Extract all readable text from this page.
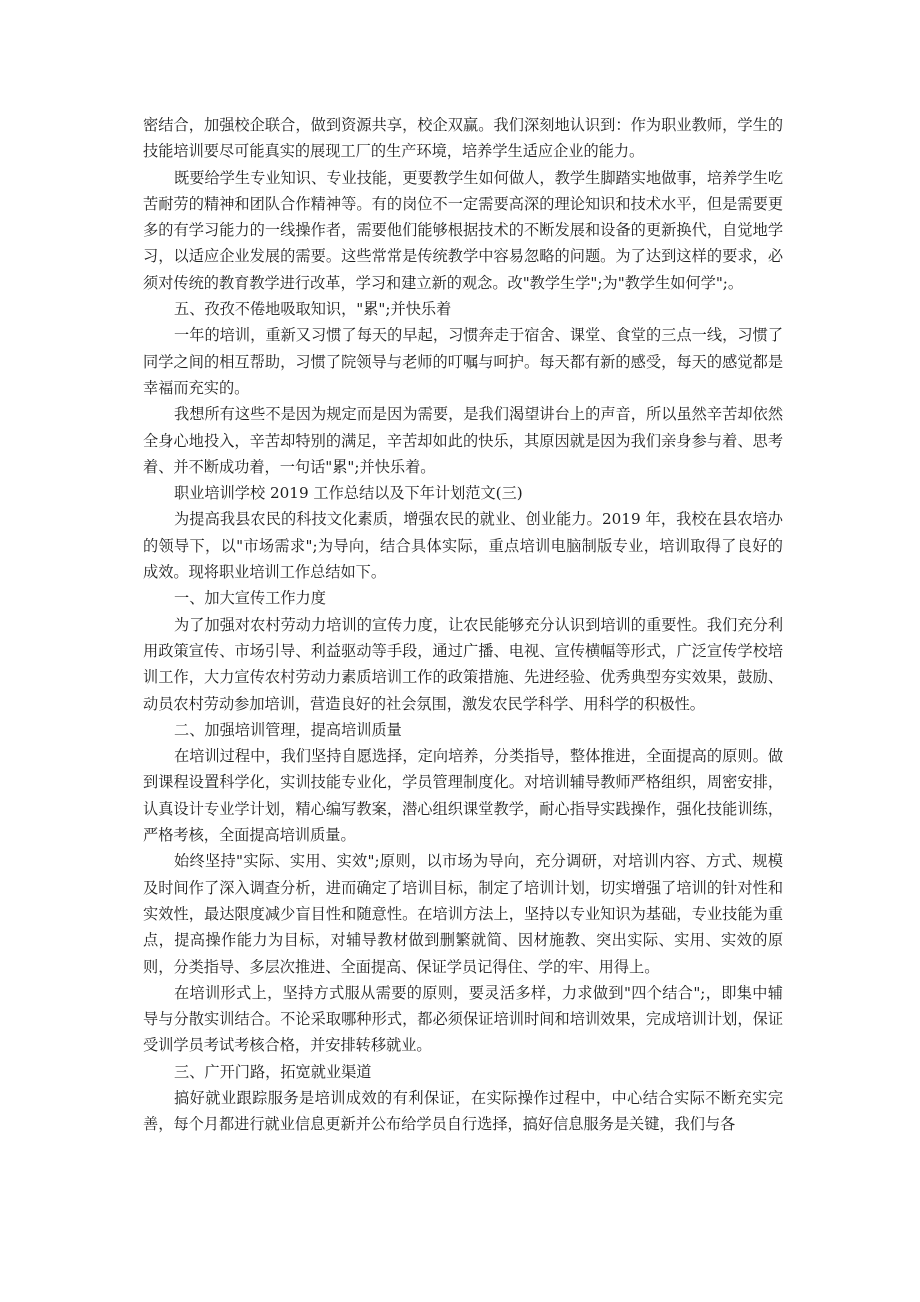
密结合，加强校企联合，做到资源共享，校企双赢。我们深刻地认识到：作为职业教师，学生的技能培训要尽可能真实的展现工厂的生产环境，培养学生适应企业的能力。

既要给学生专业知识、专业技能，更要教学生如何做人，教学生脚踏实地做事，培养学生吃苦耐劳的精神和团队合作精神等。有的岗位不一定需要高深的理论知识和技术水平，但是需要更多的有学习能力的一线操作者，需要他们能够根据技术的不断发展和设备的更新换代，自觉地学习，以适应企业发展的需要。这些常常是传统教学中容易忽略的问题。为了达到这样的要求，必须对传统的教育教学进行改革，学习和建立新的观念。改"教学生学";为"教学生如何学";。

五、孜孜不倦地吸取知识，"累";并快乐着

一年的培训，重新又习惯了每天的早起，习惯奔走于宿舍、课堂、食堂的三点一线，习惯了同学之间的相互帮助，习惯了院领导与老师的叮嘱与呵护。每天都有新的感受，每天的感觉都是幸福而充实的。

我想所有这些不是因为规定而是因为需要，是我们渴望讲台上的声音，所以虽然辛苦却依然全身心地投入，辛苦却特别的满足，辛苦却如此的快乐，其原因就是因为我们亲身参与着、思考着、并不断成功着，一句话"累";并快乐着。

职业培训学校 2019 工作总结以及下年计划范文(三)

为提高我县农民的科技文化素质，增强农民的就业、创业能力。2019 年，我校在县农培办的领导下，以"市场需求";为导向，结合具体实际，重点培训电脑制版专业，培训取得了良好的成效。现将职业培训工作总结如下。

一、加大宣传工作力度

为了加强对农村劳动力培训的宣传力度，让农民能够充分认识到培训的重要性。我们充分利用政策宣传、市场引导、利益驱动等手段，通过广播、电视、宣传横幅等形式，广泛宣传学校培训工作，大力宣传农村劳动力素质培训工作的政策措施、先进经验、优秀典型夯实效果，鼓励、动员农村劳动参加培训，营造良好的社会氛围，激发农民学科学、用科学的积极性。

二、加强培训管理，提高培训质量

在培训过程中，我们坚持自愿选择，定向培养，分类指导，整体推进，全面提高的原则。做到课程设置科学化，实训技能专业化，学员管理制度化。对培训辅导教师严格组织，周密安排，认真设计专业学计划，精心编写教案，潜心组织课堂教学，耐心指导实践操作，强化技能训练，严格考核，全面提高培训质量。

始终坚持"实际、实用、实效";原则，以市场为导向，充分调研，对培训内容、方式、规模及时间作了深入调查分析，进而确定了培训目标，制定了培训计划，切实增强了培训的针对性和实效性，最达限度减少盲目性和随意性。在培训方法上，坚持以专业知识为基础，专业技能为重点，提高操作能力为目标，对辅导教材做到删繁就简、因材施教、突出实际、实用、实效的原则，分类指导、多层次推进、全面提高、保证学员记得住、学的牢、用得上。

在培训形式上，坚持方式服从需要的原则，要灵活多样，力求做到"四个结合";，即集中辅导与分散实训结合。不论采取哪种形式，都必须保证培训时间和培训效果，完成培训计划，保证受训学员考试考核合格，并安排转移就业。

三、广开门路，拓宽就业渠道

搞好就业跟踪服务是培训成效的有利保证，在实际操作过程中，中心结合实际不断充实完善，每个月都进行就业信息更新并公布给学员自行选择，搞好信息服务是关键，我们与各
